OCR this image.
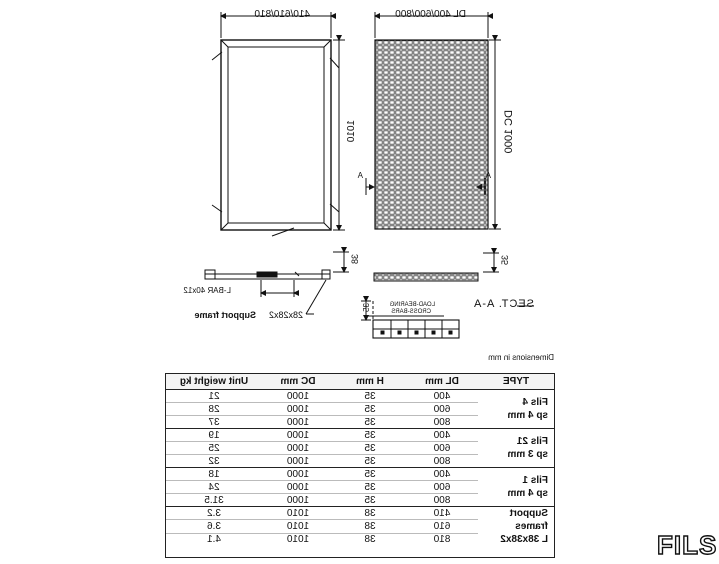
410/610/810	DL 400/600/800
1010	DC 1000
A	A
38	35
L-BAR 40x12
28x28x2
Support frame
SECT. A-A
LOAD-BEARING
CROSS-BARS
35
Dimensions in mm
TYPE	DL mm	H mm	DC mm	Unit weight kg

Fils 4
sp 4 mm	400	35	1000	21
	600	35	1000	28
	800	35	1000	37

Fils 21
sp 3 mm	400	35	1000	19
	600	35	1000	25
	800	35	1000	32

Fils 1
sp 4 mm	400	35	1000	18
	600	35	1000	24
	800	35	1000	31.5

Support frames
L 38x38x2	410	38	1010	3.2
	610	38	1010	3.6
	810	38	1010	4.1	FILS
